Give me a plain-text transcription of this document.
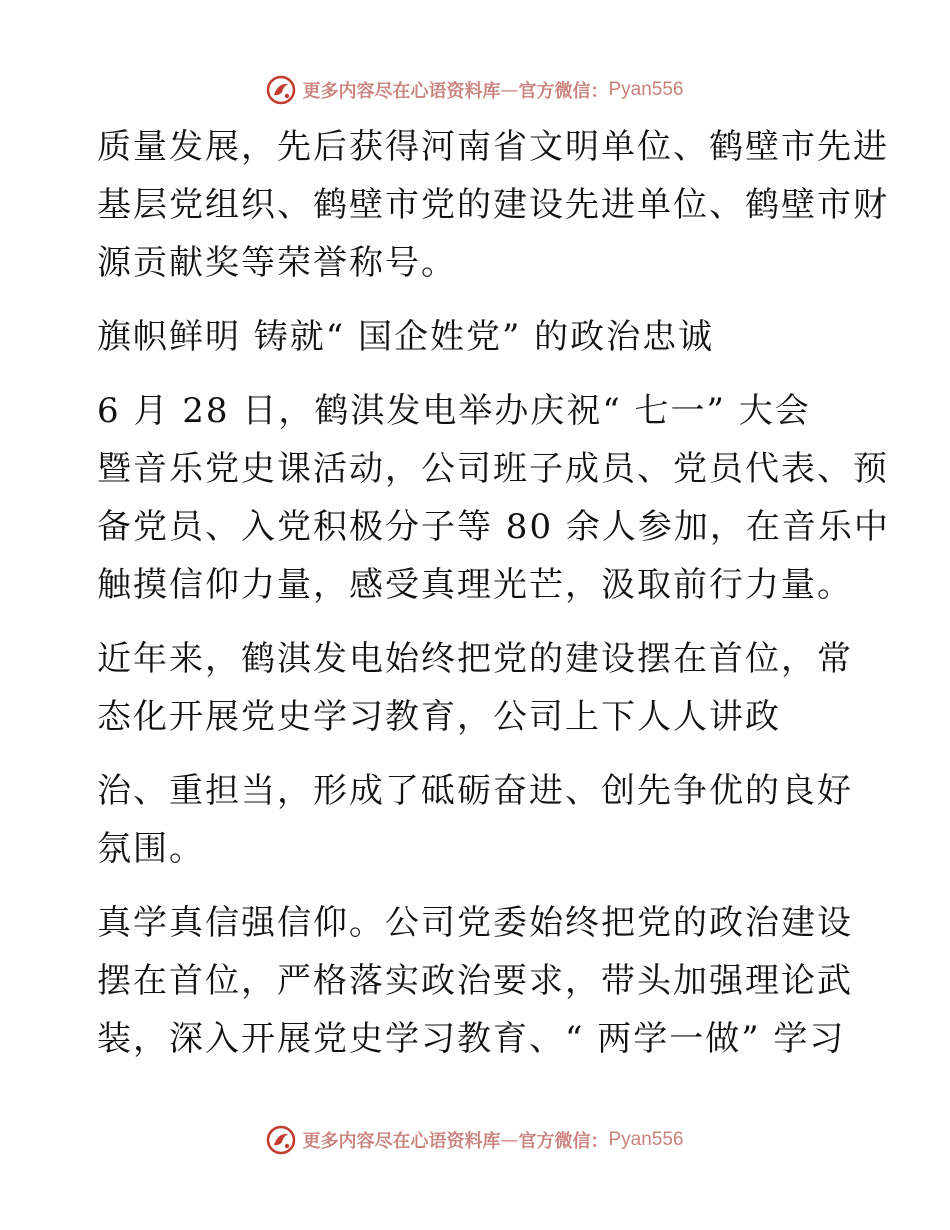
更多内容尽在心语资料库 — 官方微信： Pyan556
质量发展，先后获得河南省文明单位、鹤壁市先进
基层党组织、鹤壁市党的建设先进单位、鹤壁市财
源贡献奖等荣誉称号。
旗帜鲜明 铸就“ 国企姓党” 的政治忠诚
6 月 28 日，鹤淇发电举办庆祝“ 七一” 大会
暨音乐党史课活动，公司班子成员、党员代表、预
备党员、入党积极分子等 80 余人参加，在音乐中
触摸信仰力量，感受真理光芒，汲取前行力量。
近年来，鹤淇发电始终把党的建设摆在首位，常
态化开展党史学习教育，公司上下人人讲政
治、重担当，形成了砥砺奋进、创先争优的良好
氛围。
真学真信强信仰。公司党委始终把党的政治建设
摆在首位，严格落实政治要求，带头加强理论武
装，深入开展党史学习教育、“ 两学一做” 学习
更多内容尽在心语资料库 — 官方微信： Pyan556
